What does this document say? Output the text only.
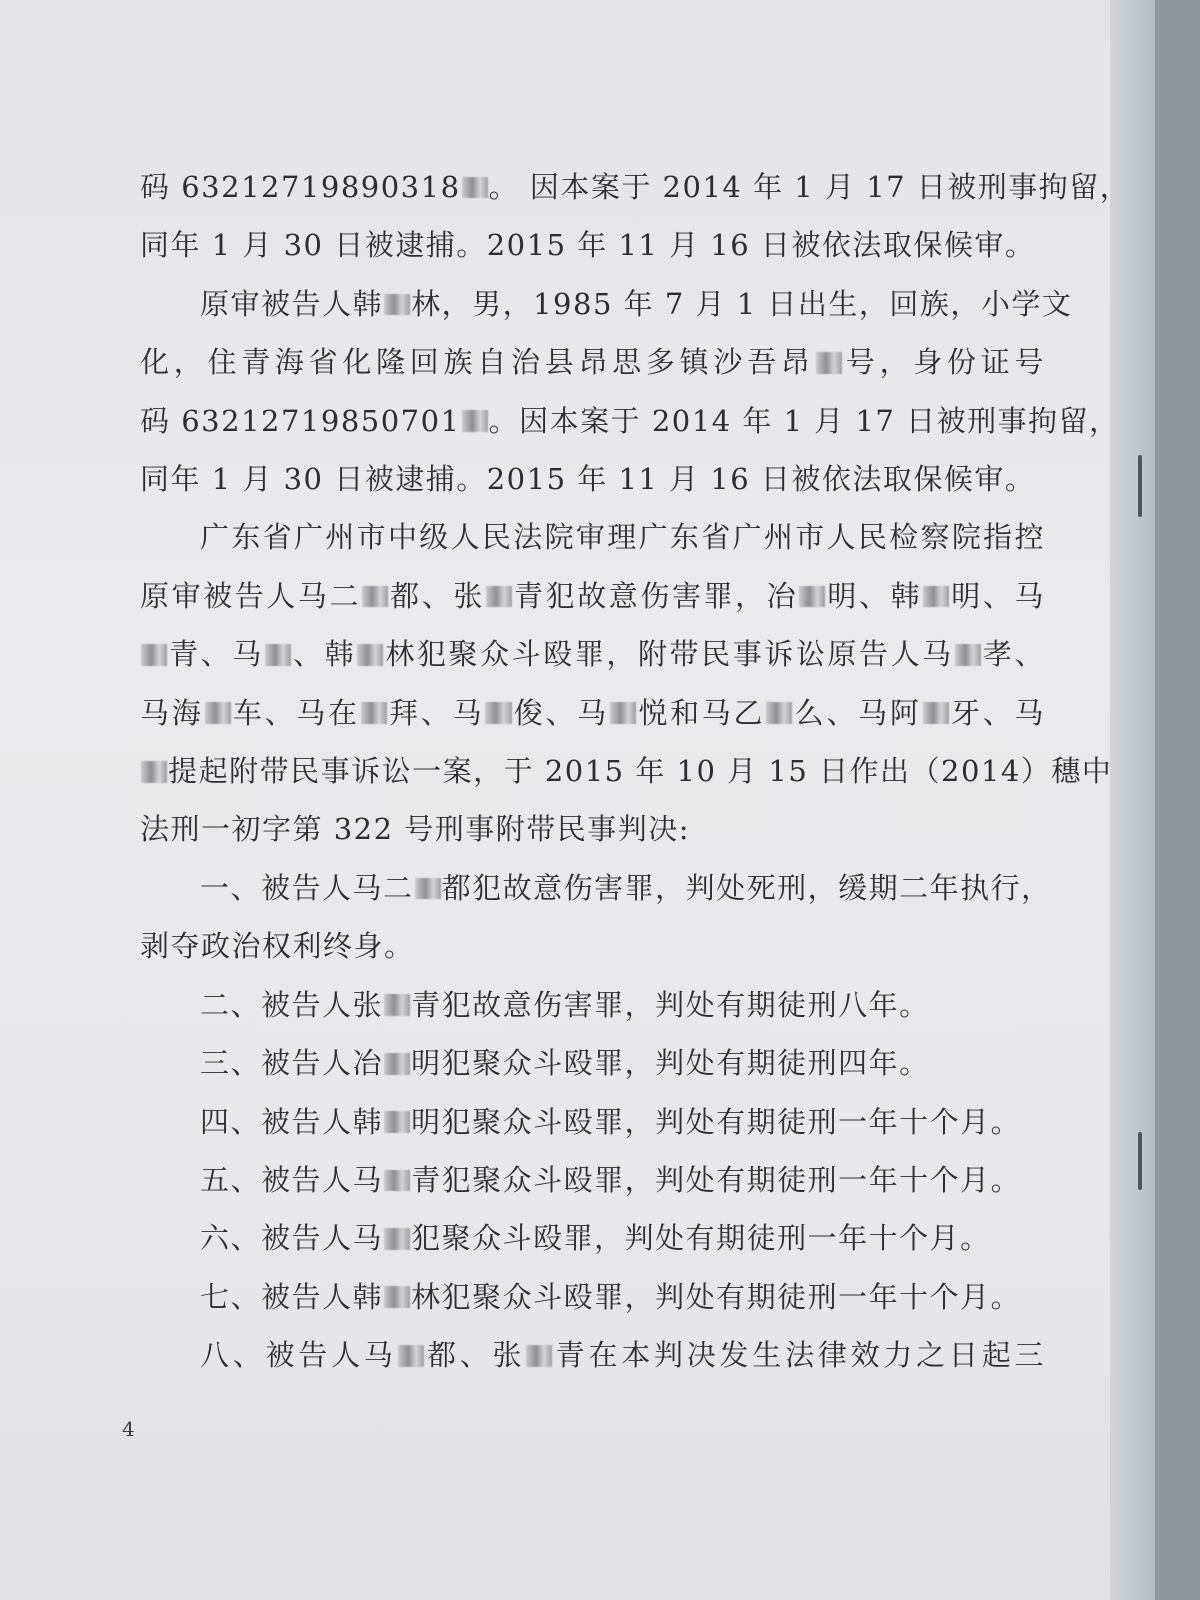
码 63212719890318 。 因本案于 2014 年 1 月 17 日被刑事拘留，
同年 1 月 30 日被逮捕。2015 年 11 月 16 日被依法取保候审。
原审被告人韩 林，男，1985 年 7 月 1 日出生，回族，小学文
化，住青海省化隆回族自治县昂思多镇沙吾昂 号，身份证号
码 63212719850701 。因本案于 2014 年 1 月 17 日被刑事拘留，
同年 1 月 30 日被逮捕。2015 年 11 月 16 日被依法取保候审。
广东省广州市中级人民法院审理广东省广州市人民检察院指控
原审被告人马二 都、张 青犯故意伤害罪，冶 明、韩 明、马
青、马 、韩 林犯聚众斗殴罪，附带民事诉讼原告人马 孝、
马海 车、马在 拜、马 俊、马 悦和马乙 么、马阿 牙、马
提起附带民事诉讼一案，于 2015 年 10 月 15 日作出（2014）穗中
法刑一初字第 322 号刑事附带民事判决:
一、被告人马二 都犯故意伤害罪，判处死刑，缓期二年执行，
剥夺政治权利终身。
二、被告人张 青犯故意伤害罪，判处有期徒刑八年。
三、被告人冶 明犯聚众斗殴罪，判处有期徒刑四年。
四、被告人韩 明犯聚众斗殴罪，判处有期徒刑一年十个月。
五、被告人马 青犯聚众斗殴罪，判处有期徒刑一年十个月。
六、被告人马 犯聚众斗殴罪，判处有期徒刑一年十个月。
七、被告人韩 林犯聚众斗殴罪，判处有期徒刑一年十个月。
八、被告人马 都、张 青在本判决发生法律效力之日起三
4
